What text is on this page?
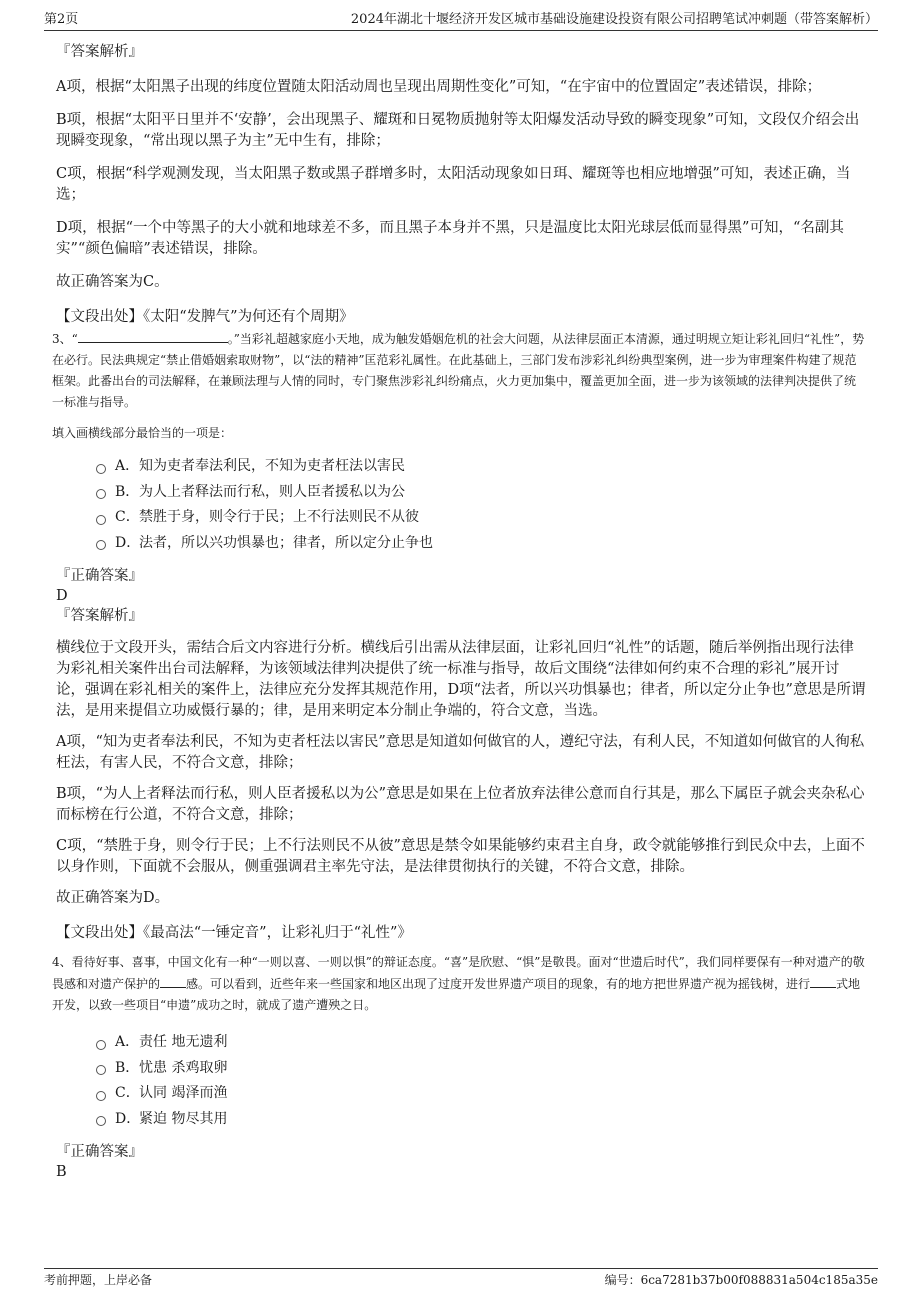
第2页	2024年湖北十堰经济开发区城市基础设施建设投资有限公司招聘笔试冲刺题（带答案解析）

『答案解析』

A项，根据“太阳黑子出现的纬度位置随太阳活动周也呈现出周期性变化”可知，“在宇宙中的位置固定”表述错误，排除；

B项，根据“太阳平日里并不‘安静’，会出现黑子、耀斑和日冕物质抛射等太阳爆发活动导致的瞬变现象”可知，文段仅介绍会出现瞬变现象，“常出现以黑子为主”无中生有，排除；

C项，根据“科学观测发现，当太阳黑子数或黑子群增多时，太阳活动现象如日珥、耀斑等也相应地增强”可知，表述正确，当选；

D项，根据“一个中等黑子的大小就和地球差不多，而且黑子本身并不黑，只是温度比太阳光球层低而显得黑”可知，“名副其实”“颜色偏暗”表述错误，排除。

故正确答案为C。

【文段出处】《太阳“发脾气”为何还有个周期》

3、“	。”当彩礼超越家庭小天地，成为触发婚姻危机的社会大问题，从法律层面正本清源，通过明规立矩让彩礼回归“礼性”，势在必行。民法典规定“禁止借婚姻索取财物”，以“法的精神”匡范彩礼属性。在此基础上，三部门发布涉彩礼纠纷典型案例，进一步为审理案件构建了规范框架。此番出台的司法解释，在兼顾法理与人情的同时，专门聚焦涉彩礼纠纷痛点，火力更加集中，覆盖更加全面，进一步为该领域的法律判决提供了统一标准与指导。

填入画横线部分最恰当的一项是：

A． 知为吏者奉法利民，不知为吏者枉法以害民
B． 为人上者释法而行私，则人臣者援私以为公
C． 禁胜于身，则令行于民；上不行法则民不从彼
D．
法者，所以兴功惧暴也；律者，所以定分止争也

『正确答案』

D

『答案解析』

横线位于文段开头，需结合后文内容进行分析。横线后引出需从法律层面，让彩礼回归“礼性”的话题，随后举例指出现行法律为彩礼相关案件出台司法解释，为该领域法律判决提供了统一标准与指导，故后文围绕“法律如何约束不合理的彩礼”展开讨论，强调在彩礼相关的案件上，法律应充分发挥其规范作用，D项“法者，所以兴功惧暴也；律者，所以定分止争也”意思是所谓法，是用来提倡立功威慑行暴的；律，是用来明定本分制止争端的，符合文意，当选。

A项，“知为吏者奉法利民，不知为吏者枉法以害民”意思是知道如何做官的人，遵纪守法，有利人民，不知道如何做官的人徇私枉法，有害人民，不符合文意，排除；

B项，“为人上者释法而行私，则人臣者援私以为公”意思是如果在上位者放弃法律公意而自行其是，那么下属臣子就会夹杂私心而标榜在行公道，不符合文意，排除；

C项，“禁胜于身，则令行于民；上不行法则民不从彼”意思是禁令如果能够约束君主自身，政令就能够推行到民众中去，上面不以身作则，下面就不会服从，侧重强调君主率先守法，是法律贯彻执行的关键，不符合文意，排除。

故正确答案为D。

【文段出处】《最高法“一锤定音”，让彩礼归于“礼性”》

4、看待好事、喜事，中国文化有一种“一则以喜、一则以惧”的辩证态度。“喜”是欣慰、“惧”是敬畏。面对“世遗后时代”，我们同样要保有一种对遗产的敬畏感和对遗产保护的 感。可以看到，近些年来一些国家和地区出现了过度开发世界遗产项目的现象，有的地方把世界遗产视为摇钱树，进行 式地开发，以致一些项目“申遗”成功之时，就成了遗产遭殃之日。

A． 责任 地无遗利
B． 忧患 杀鸡取卵
C． 认同 竭泽而渔
D．
紧迫 物尽其用

『正确答案』

B

考前押题，上岸必备	编号：6ca7281b37b00f088831a504c185a35e
